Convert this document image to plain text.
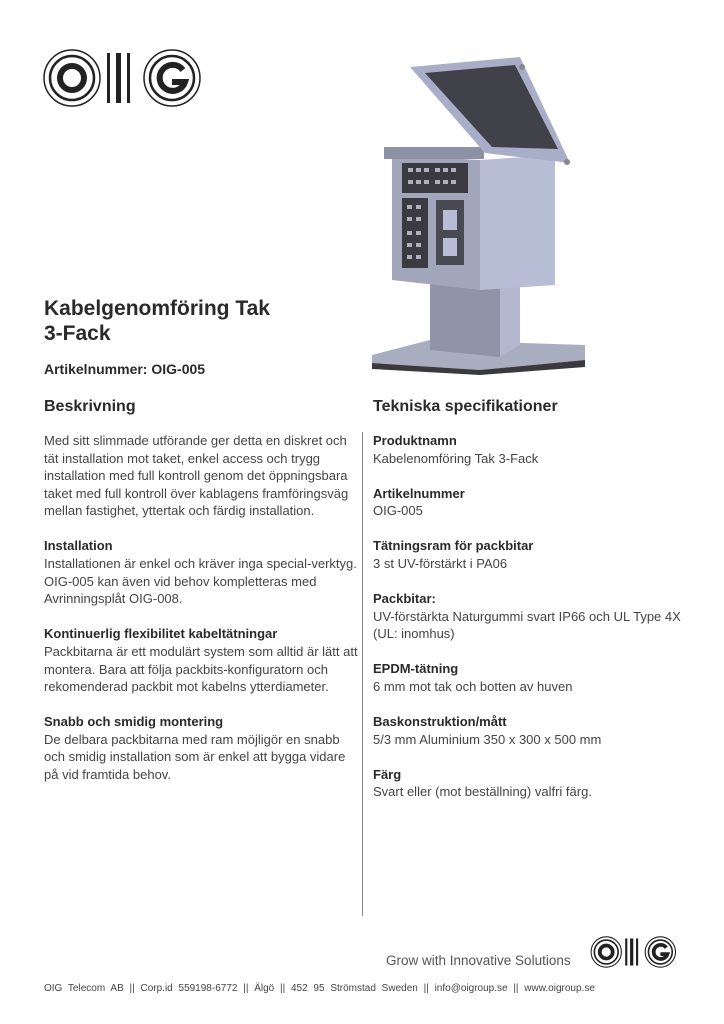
Kabelgenomföring Tak
3-Fack
Artikelnummer: OIG-005
Beskrivning	Tekniska specifikationer

Med sitt slimmade utförande ger detta en diskret och tät installation mot taket, enkel access och trygg installation med full kontroll genom det öppningsbara taket med full kontroll över kablagens framföringsväg mellan fastighet, yttertak och färdig installation.

Installation
Installationen är enkel och kräver inga special-verktyg.
OIG-005 kan även vid behov kompletteras med Avrinningsplåt OIG-008.

Kontinuerlig flexibilitet kabeltätningar
Packbitarna är ett modulärt system som alltid är lätt att montera. Bara att följa packbits-konfiguratorn och rekomenderad packbit mot kabelns ytterdiameter.

Snabb och smidig montering
De delbara packbitarna med ram möjligör en snabb och smidig installation som är enkel att bygga vidare på vid framtida behov.

Produktnamn
Kabelenomföring Tak 3-Fack
Artikelnummer
OIG-005
Tätningsram för packbitar
3 st UV-förstärkt i PA06
Packbitar:
UV-förstärkta Naturgummi svart IP66 och UL Type 4X (UL: inomhus)
EPDM-tätning
6 mm mot tak och botten av huven
Baskonstruktion/mått
5/3 mm Aluminium 350 x 300 x 500 mm
Färg
Svart eller (mot beställning) valfri färg.
Grow with Innovative Solutions
OIG Telecom AB || Corp.id 559198-6772 || Älgö || 452 95 Strömstad Sweden || info@oigroup.se || www.oigroup.se
